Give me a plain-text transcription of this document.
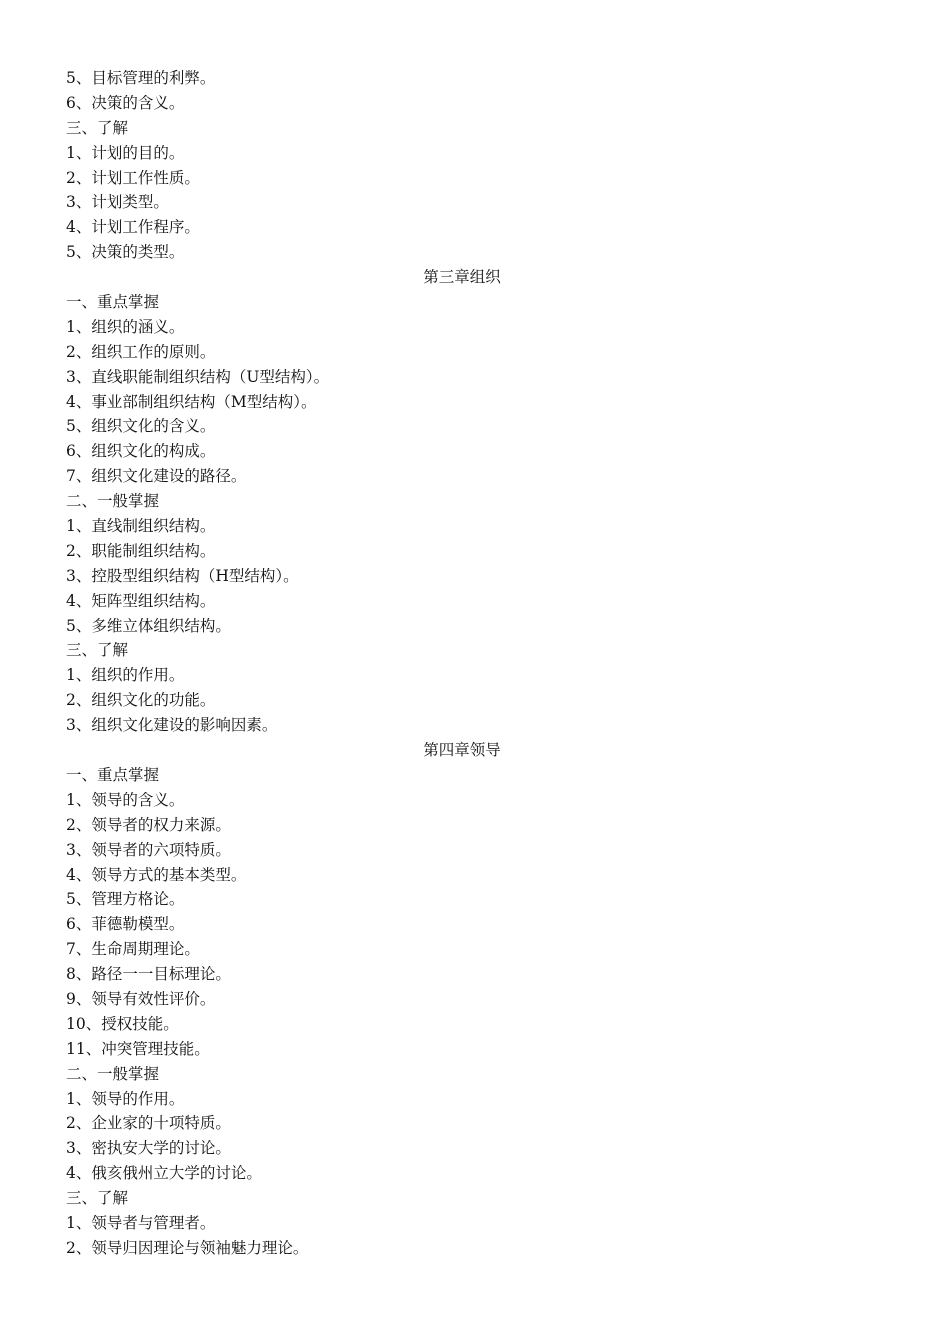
5、目标管理的利弊。
6、决策的含义。
三、了解
1、计划的目的。
2、计划工作性质。
3、计划类型。
4、计划工作程序。
5、决策的类型。
第三章组织
一、重点掌握
1、组织的涵义。
2、组织工作的原则。
3、直线职能制组织结构（U型结构）。
4、事业部制组织结构（M型结构）。
5、组织文化的含义。
6、组织文化的构成。
7、组织文化建设的路径。
二、一般掌握
1、直线制组织结构。
2、职能制组织结构。
3、控股型组织结构（H型结构）。
4、矩阵型组织结构。
5、多维立体组织结构。
三、了解
1、组织的作用。
2、组织文化的功能。
3、组织文化建设的影响因素。
第四章领导
一、重点掌握
1、领导的含义。
2、领导者的权力来源。
3、领导者的六项特质。
4、领导方式的基本类型。
5、管理方格论。
6、菲德勒模型。
7、生命周期理论。
8、路径一一目标理论。
9、领导有效性评价。
10、授权技能。
11、冲突管理技能。
二、一般掌握
1、领导的作用。
2、企业家的十项特质。
3、密执安大学的讨论。
4、俄亥俄州立大学的讨论。
三、了解
1、领导者与管理者。
2、领导归因理论与领袖魅力理论。
